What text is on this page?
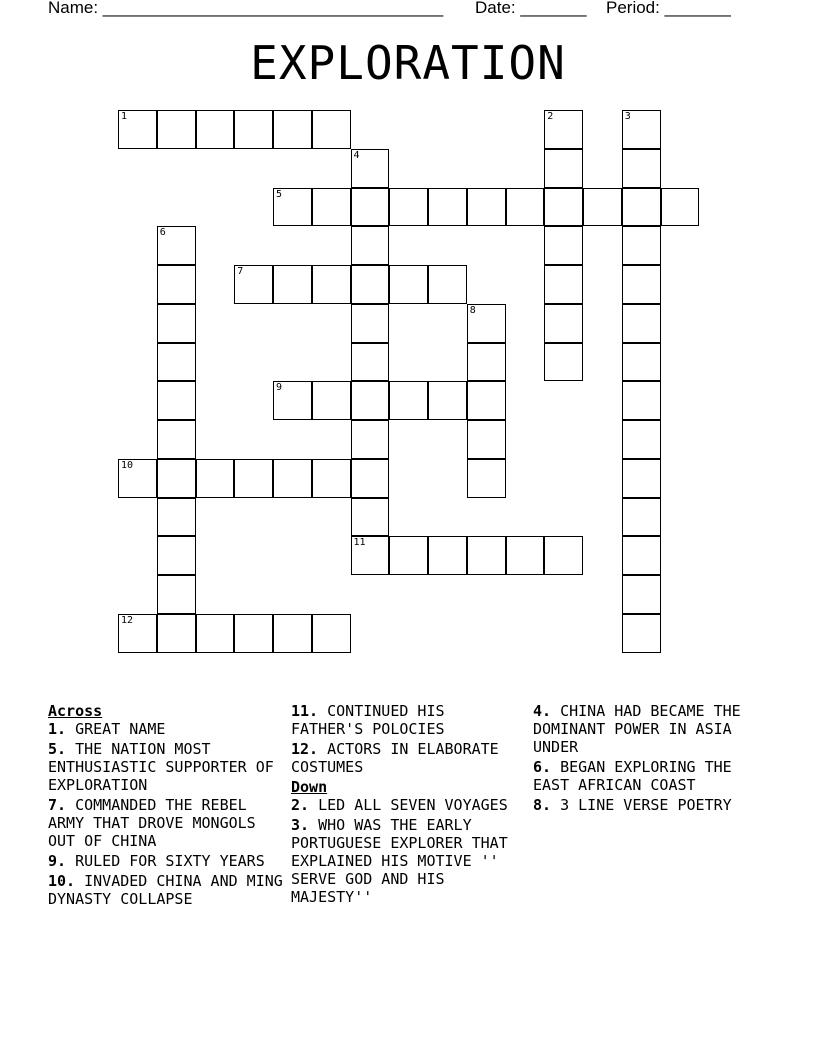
Name: ____________________________________

Date: _______

Period: _______

EXPLORATION
1	2	3
4
11
5
6
7
8
9
10
12
Across
1. GREAT NAME
5. THE NATION MOST ENTHUSIASTIC SUPPORTER OF EXPLORATION
7. COMMANDED THE REBEL ARMY THAT DROVE MONGOLS OUT OF CHINA
9. RULED FOR SIXTY YEARS
10. INVADED CHINA AND MING DYNASTY COLLAPSE
11. CONTINUED HIS FATHER'S POLOCIES
12. ACTORS IN ELABORATE COSTUMES
Down
2. LED ALL SEVEN VOYAGES
3. WHO WAS THE EARLY PORTUGUESE EXPLORER THAT EXPLAINED HIS MOTIVE '' SERVE GOD AND HIS MAJESTY''
4. CHINA HAD BECAME THE DOMINANT POWER IN ASIA UNDER
6. BEGAN EXPLORING THE EAST AFRICAN COAST
8. 3 LINE VERSE POETRY
